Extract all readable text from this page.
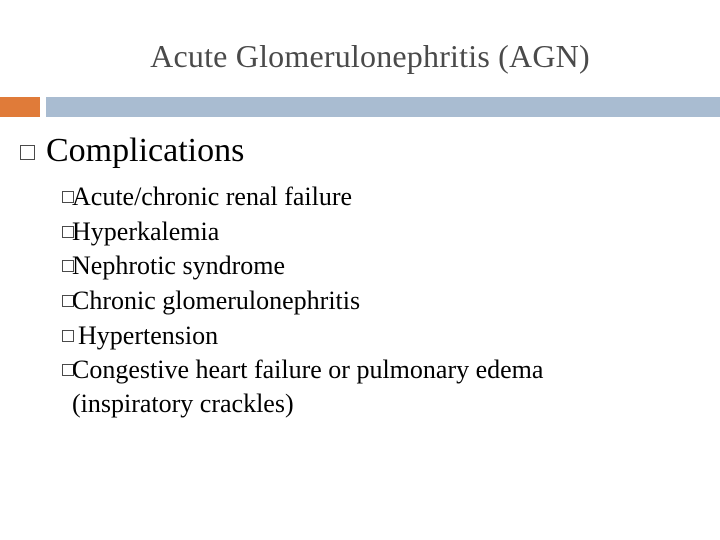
Acute Glomerulonephritis (AGN)
Complications
Acute/chronic renal failure
Hyperkalemia
Nephrotic syndrome
Chronic glomerulonephritis
Hypertension
Congestive heart failure or pulmonary edema
(inspiratory crackles)
